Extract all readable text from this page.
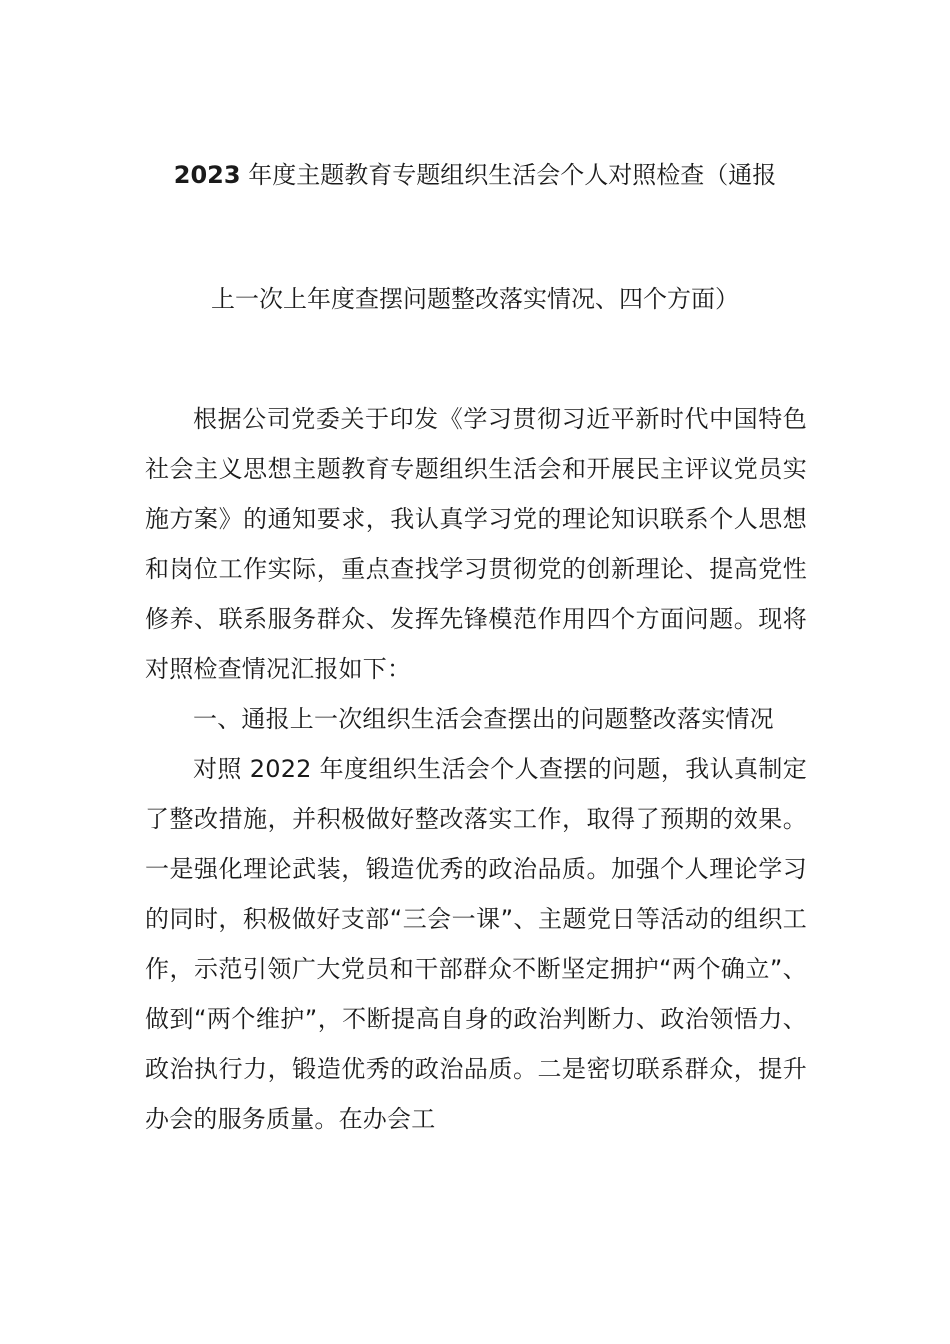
2023 年度主题教育专题组织生活会个人对照检查（通报
上一次上年度查摆问题整改落实情况、四个方面）

根据公司党委关于印发《学习贯彻习近平新时代中国特色社会主义思想主题教育专题组织生活会和开展民主评议党员实施方案》的通知要求，我认真学习党的理论知识联系个人思想和岗位工作实际，重点查找学习贯彻党的创新理论、提高党性修养、联系服务群众、发挥先锋模范作用四个方面问题。现将对照检查情况汇报如下：

一、通报上一次组织生活会查摆出的问题整改落实情况

对照 2022 年度组织生活会个人查摆的问题，我认真制定了整改措施，并积极做好整改落实工作，取得了预期的效果。一是强化理论武装，锻造优秀的政治品质。加强个人理论学习的同时，积极做好支部“三会一课”、主题党日等活动的组织工作，示范引领广大党员和干部群众不断坚定拥护“两个确立”、做到“两个维护”，不断提高自身的政治判断力、政治领悟力、政治执行力，锻造优秀的政治品质。二是密切联系群众，提升办会的服务质量。在办会工
